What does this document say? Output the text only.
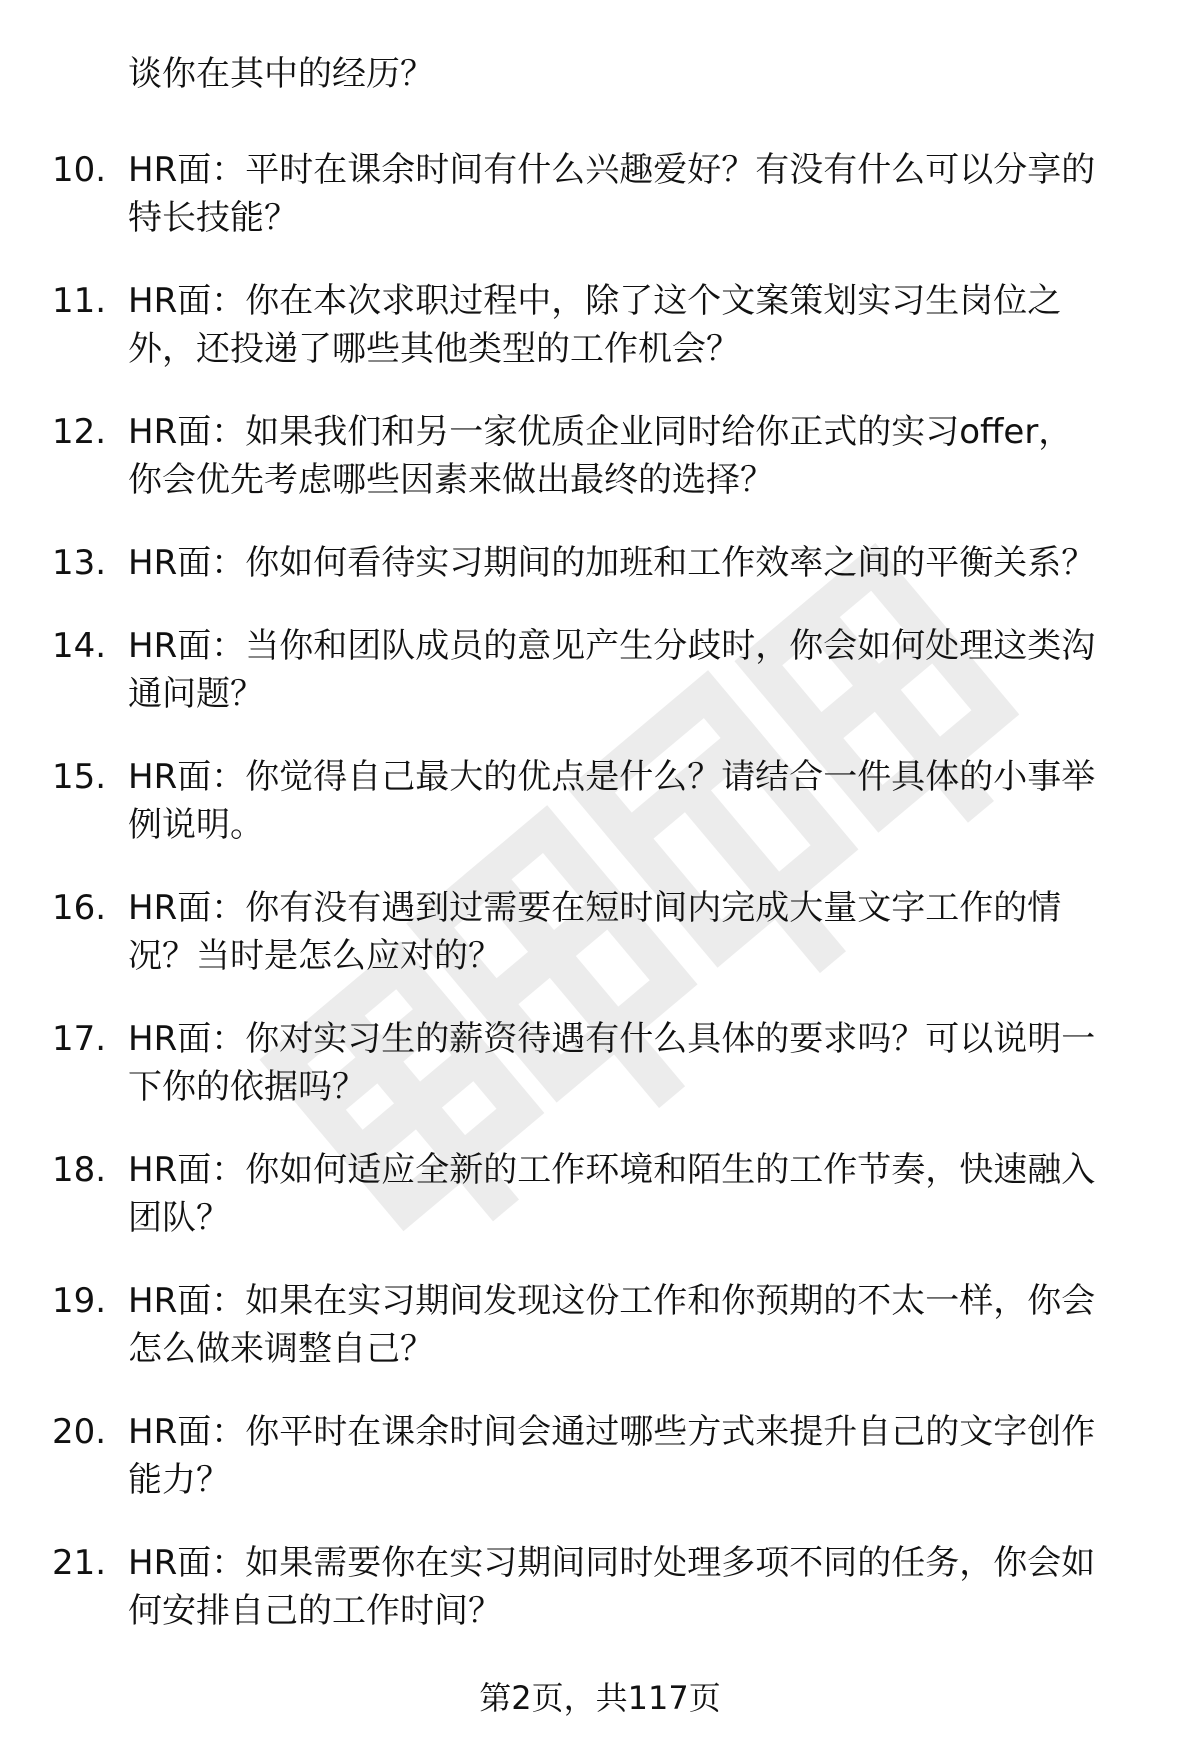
谈你在其中的经历？
10. HR面：平时在课余时间有什么兴趣爱好？有没有什么可以分享的
特长技能？
11. HR面：你在本次求职过程中，除了这个文案策划实习生岗位之
外，还投递了哪些其他类型的工作机会？
12. HR面：如果我们和另一家优质企业同时给你正式的实习offer，
你会优先考虑哪些因素来做出最终的选择？
13. HR面：你如何看待实习期间的加班和工作效率之间的平衡关系？
14. HR面：当你和团队成员的意见产生分歧时，你会如何处理这类沟
通问题？
15. HR面：你觉得自己最大的优点是什么？请结合一件具体的小事举
例说明。
16. HR面：你有没有遇到过需要在短时间内完成大量文字工作的情
况？当时是怎么应对的？
17. HR面：你对实习生的薪资待遇有什么具体的要求吗？可以说明一
下你的依据吗？
18. HR面：你如何适应全新的工作环境和陌生的工作节奏，快速融入
团队？
19. HR面：如果在实习期间发现这份工作和你预期的不太一样，你会
怎么做来调整自己？
20. HR面：你平时在课余时间会通过哪些方式来提升自己的文字创作
能力？
21. HR面：如果需要你在实习期间同时处理多项不同的任务，你会如
何安排自己的工作时间？
第2页，共117页
